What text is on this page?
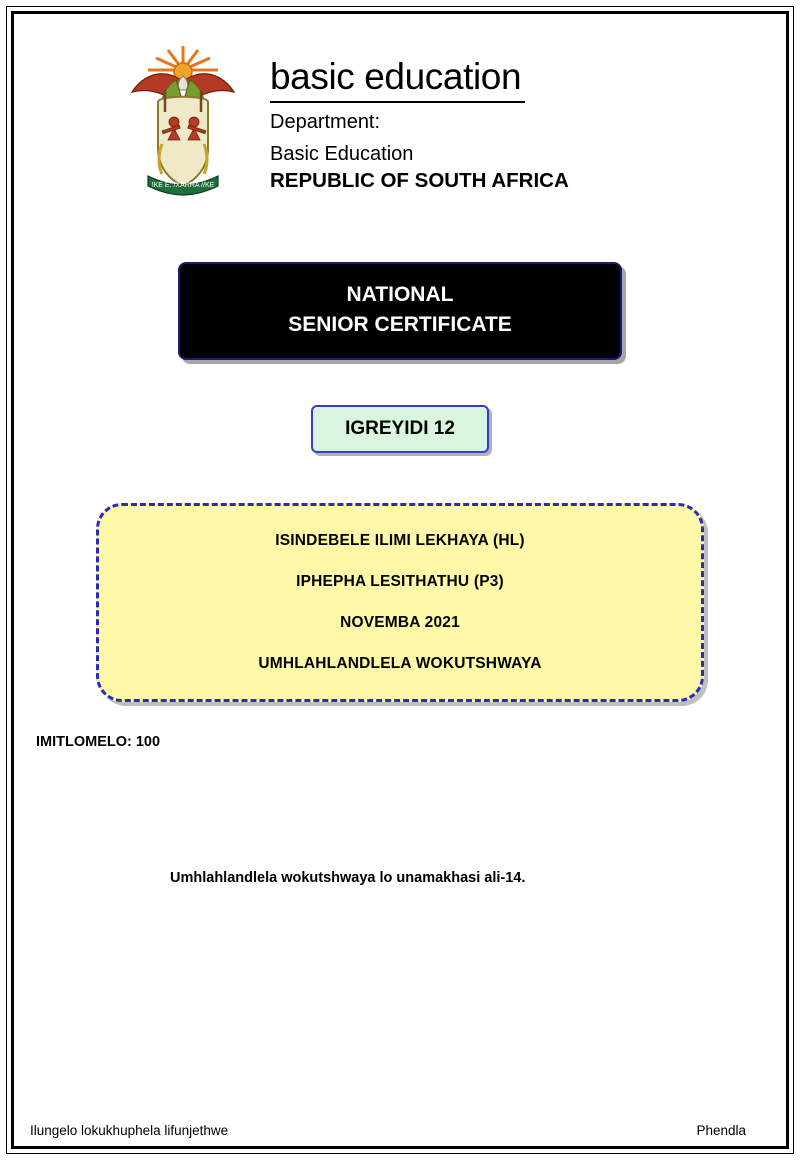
!KE E: /XARRA //KE
basic education
Department:
Basic Education
REPUBLIC OF SOUTH AFRICA
NATIONAL
SENIOR CERTIFICATE
IGREYIDI 12

ISINDEBELE ILIMI LEKHAYA (HL)

IPHEPHA LESITHATHU (P3)

NOVEMBA 2021

UMHLAHLANDLELA WOKUTSHWAYA

IMITLOMELO: 100
Umhlahlandlela wokutshwaya lo unamakhasi ali-14.
Ilungelo lokukhuphela lifunjethwe	Phendla
